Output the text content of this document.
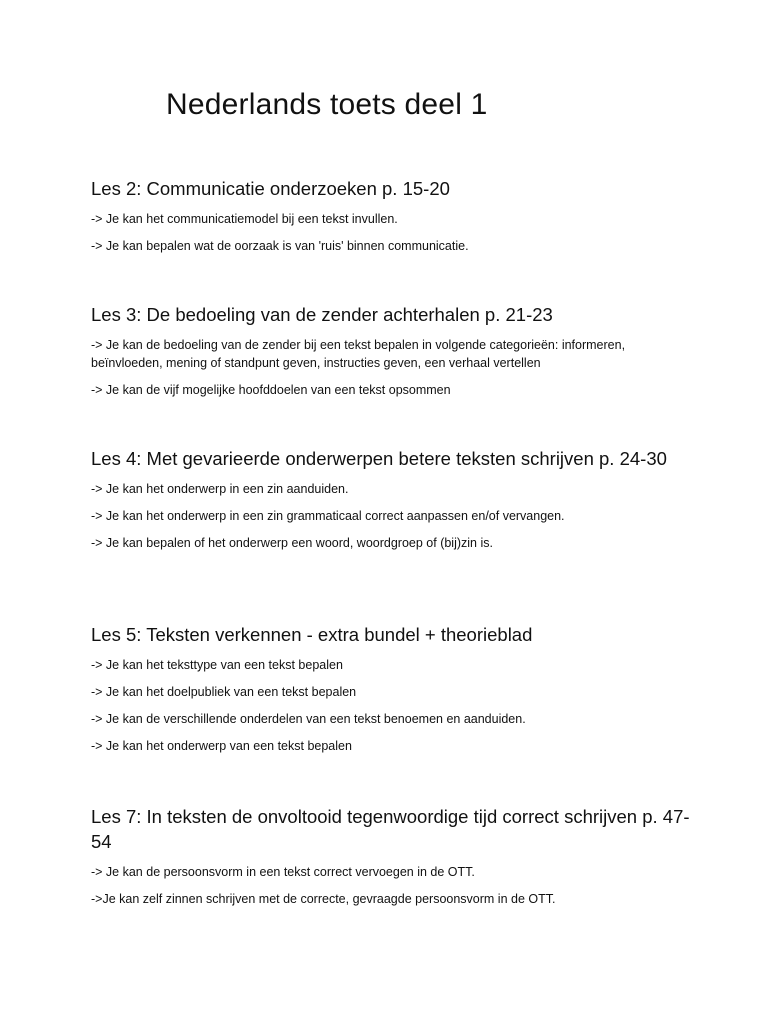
Nederlands toets deel 1
Les 2: Communicatie onderzoeken p. 15-20

-> Je kan het communicatiemodel bij een tekst invullen.

-> Je kan bepalen wat de oorzaak is van 'ruis' binnen communicatie.

Les 3: De bedoeling van de zender achterhalen p. 21-23

-> Je kan de bedoeling van de zender bij een tekst bepalen in volgende categorieën: informeren, beïnvloeden, mening of standpunt geven, instructies geven, een verhaal vertellen

-> Je kan de vijf mogelijke hoofddoelen van een tekst opsommen

Les 4: Met gevarieerde onderwerpen betere teksten schrijven p. 24-30

-> Je kan het onderwerp in een zin aanduiden.

-> Je kan het onderwerp in een zin grammaticaal correct aanpassen en/of vervangen.

-> Je kan bepalen of het onderwerp een woord, woordgroep of (bij)zin is.

Les 5: Teksten verkennen - extra bundel + theorieblad

-> Je kan het teksttype van een tekst bepalen

-> Je kan het doelpubliek van een tekst bepalen

-> Je kan de verschillende onderdelen van een tekst benoemen en aanduiden.

-> Je kan het onderwerp van een tekst bepalen

Les 7: In teksten de onvoltooid tegenwoordige tijd correct schrijven p. 47-54

-> Je kan de persoonsvorm in een tekst correct vervoegen in de OTT.

->Je kan zelf zinnen schrijven met de correcte, gevraagde persoonsvorm in de OTT.
